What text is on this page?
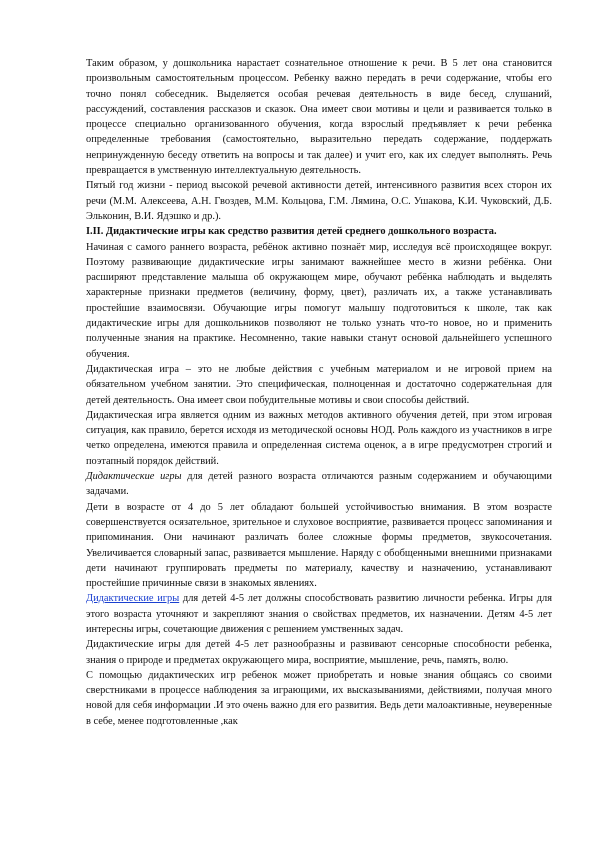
Таким образом, у дошкольника нарастает сознательное отношение к речи. В 5 лет она становится произвольным самостоятельным процессом. Ребенку важно передать в речи содержание, чтобы его точно понял собеседник. Выделяется особая речевая деятельность в виде бесед, слушаний, рассуждений, составления рассказов и сказок. Она имеет свои мотивы и цели и развивается только в процессе специально организованного обучения, когда взрослый предъявляет к речи ребенка определенные требования (самостоятельно, выразительно передать содержание, поддержать непринужденную беседу ответить на вопросы и так далее) и учит его, как их следует выполнять. Речь превращается в умственную интеллектуальную деятельность.

Пятый год жизни - период высокой речевой активности детей, интенсивного развития всех сторон их речи (М.М. Алексеева, А.Н. Гвоздев, М.М. Кольцова, Г.М. Лямина, О.С. Ушакова, К.И. Чуковский, Д.Б. Эльконин, В.И. Ядэшко и др.).

I.II. Дидактические игры как средство развития детей среднего дошкольного возраста.

Начиная с самого раннего возраста, ребёнок активно познаёт мир, исследуя всё происходящее вокруг. Поэтому развивающие дидактические игры занимают важнейшее место в жизни ребёнка. Они расширяют представление малыша об окружающем мире, обучают ребёнка наблюдать и выделять характерные признаки предметов (величину, форму, цвет), различать их, а также устанавливать простейшие взаимосвязи. Обучающие игры помогут малышу подготовиться к школе, так как дидактические игры для дошкольников позволяют не только узнать что-то новое, но и применить полученные знания на практике. Несомненно, такие навыки станут основой дальнейшего успешного обучения.

Дидактическая игра – это не любые действия с учебным материалом и не игровой прием на обязательном учебном занятии. Это специфическая, полноценная и достаточно содержательная для детей деятельность. Она имеет свои побудительные мотивы и свои способы действий.

Дидактическая игра является одним из важных методов активного обучения детей, при этом игровая ситуация, как правило, берется исходя из методической основы НОД. Роль каждого из участников в игре четко определена, имеются правила и определенная система оценок, а в игре предусмотрен строгий и поэтапный порядок действий.

Дидактические игры для детей разного возраста отличаются разным содержанием и обучающими задачами.

Дети в возрасте от 4 до 5 лет обладают большей устойчивостью внимания. В этом возрасте совершенствуется осязательное, зрительное и слуховое восприятие, развивается процесс запоминания и припоминания. Они начинают различать более сложные формы предметов, звукосочетания. Увеличивается словарный запас, развивается мышление. Наряду с обобщенными внешними признаками дети начинают группировать предметы по материалу, качеству и назначению, устанавливают простейшие причинные связи в знакомых явлениях.

Дидактические игры для детей 4-5 лет должны способствовать развитию личности ребенка. Игры для этого возраста уточняют и закрепляют знания о свойствах предметов, их назначении. Детям 4-5 лет интересны игры, сочетающие движения с решением умственных задач.

Дидактические игры для детей 4-5 лет разнообразны и развивают сенсорные способности ребенка, знания о природе и предметах окружающего мира, восприятие, мышление, речь, память, волю.

С помощью дидактических игр ребенок может приобретать и новые знания общаясь со своими сверстниками в процессе наблюдения за играющими, их высказываниями, действиями, получая много новой для себя информации .И это очень важно для его развития. Ведь дети малоактивные, неуверенные в себе, менее подготовленные ,как
